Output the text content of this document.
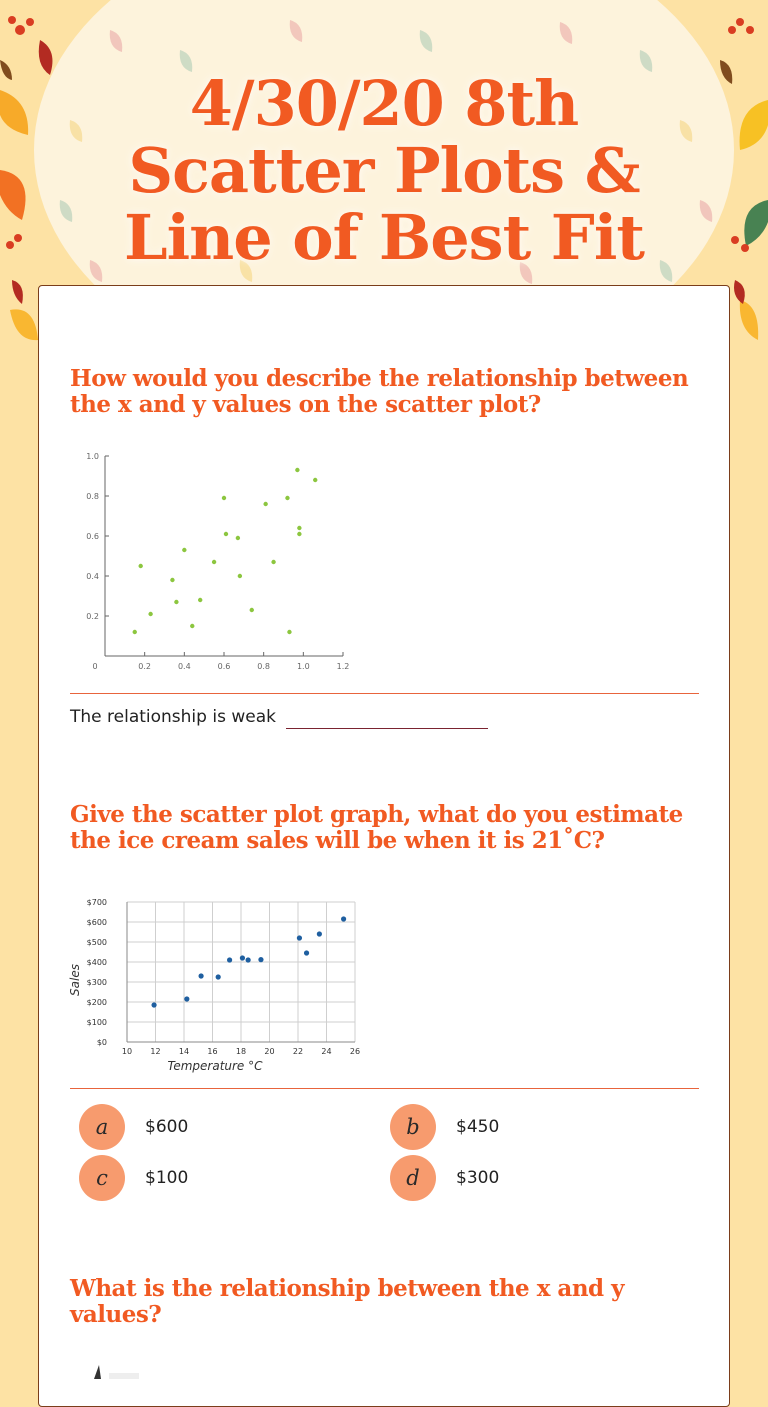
4/30/20 8th
Scatter Plots &
Line of Best Fit
How would you describe the relationship between the x and y values on the scatter plot?
0.2	0.4	0.6	0.8	1.0	1.2
0.2
0.4
0.6
0.8
1.0
0
The relationship is weak
Give the scatter plot graph, what do you estimate the ice cream sales will be when it is 21˚C?
10 12 14 16 18 20 22 24 26
$0
$100
$200
$300
$400
$500
$600
$700
Temperature °C
Sales
a	$600	b	$450
c	$100	d	$300
What is the relationship between the x and y values?
